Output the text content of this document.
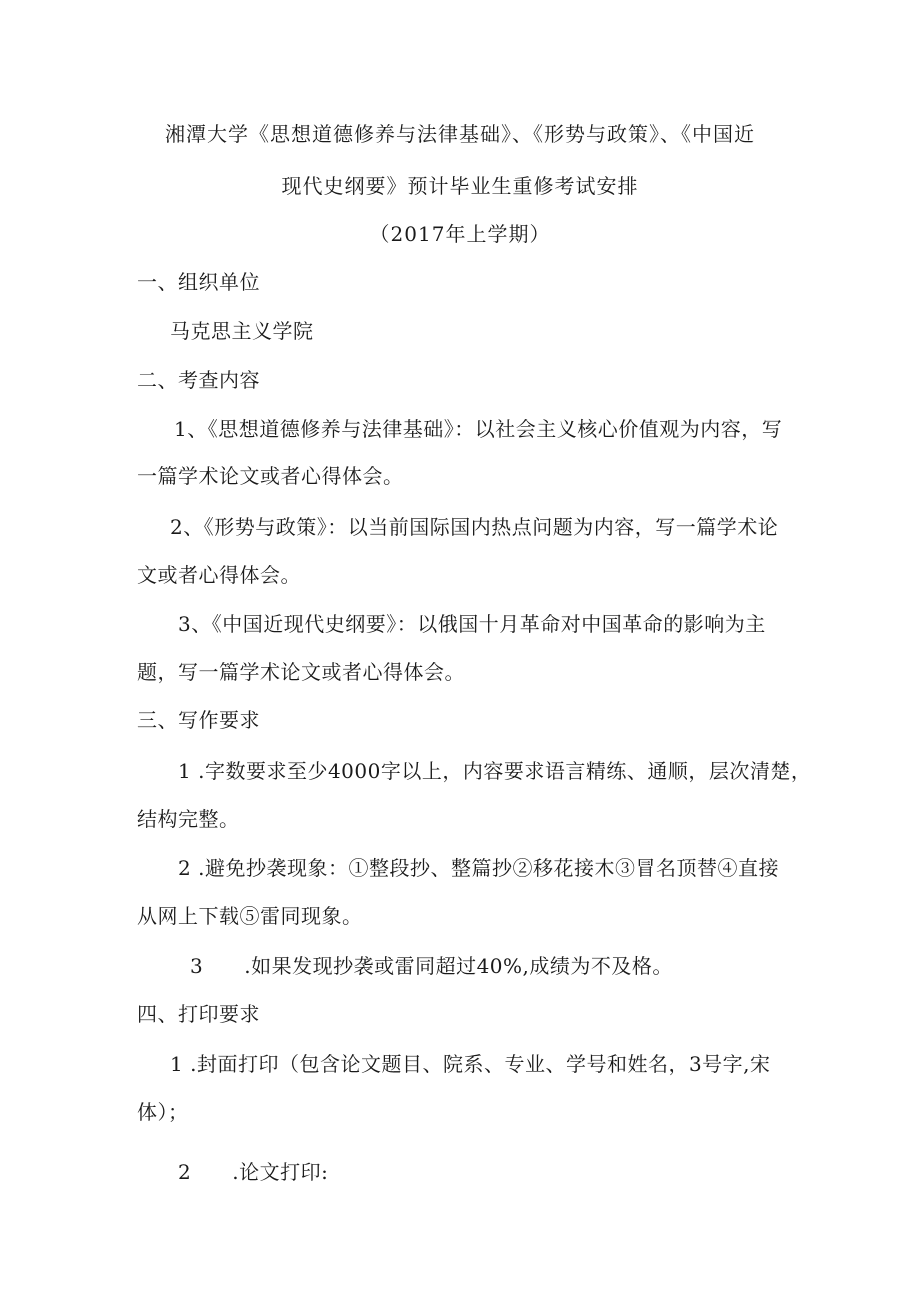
湘潭大学《思想道德修养与法律基础》、《形势与政策》、《中国近
现代史纲要》预计毕业生重修考试安排
（2017年上学期）
一、组织单位
马克思主义学院
二、考查内容
1、《思想道德修养与法律基础》：以社会主义核心价值观为内容，写
一篇学术论文或者心得体会。
2、《形势与政策》：以当前国际国内热点问题为内容，写一篇学术论
文或者心得体会。
3、《中国近现代史纲要》：以俄国十月革命对中国革命的影响为主
题，写一篇学术论文或者心得体会。
三、写作要求
1 .字数要求至少4000字以上，内容要求语言精练、通顺，层次清楚，
结构完整。
2 .避免抄袭现象：①整段抄、整篇抄②移花接木③冒名顶替④直接
从网上下载⑤雷同现象。
3　　.如果发现抄袭或雷同超过40%,成绩为不及格。
四、打印要求
1 .封面打印（包含论文题目、院系、专业、学号和姓名，3号字,宋
体）；
2　　.论文打印:
